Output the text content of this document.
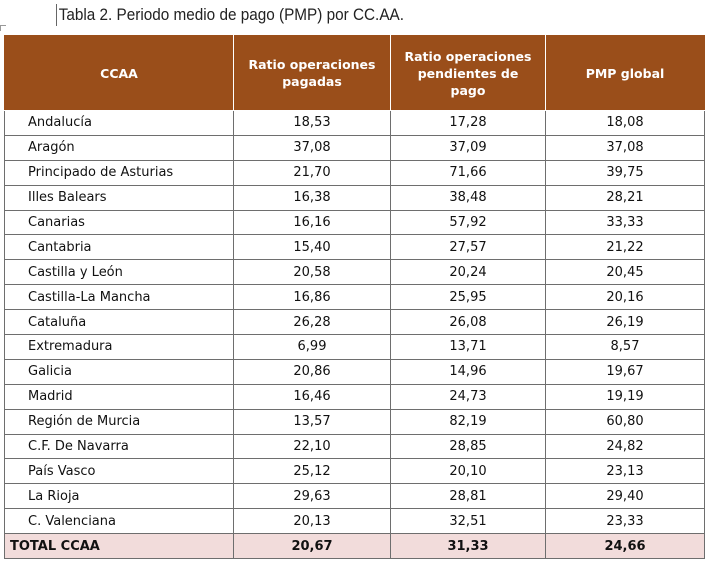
Tabla 2. Periodo medio de pago (PMP) por CC.AA.
CCAA	Ratio operaciones pagadas	Ratio operaciones pendientes de pago	PMP global
Andalucía	18,53	17,28	18,08
Aragón	37,08	37,09	37,08
Principado de Asturias	21,70	71,66	39,75
Illes Balears	16,38	38,48	28,21
Canarias	16,16	57,92	33,33
Cantabria	15,40	27,57	21,22
Castilla y León	20,58	20,24	20,45
Castilla-La Mancha	16,86	25,95	20,16
Cataluña	26,28	26,08	26,19
Extremadura	6,99	13,71	8,57
Galicia	20,86	14,96	19,67
Madrid	16,46	24,73	19,19
Región de Murcia	13,57	82,19	60,80
C.F. De Navarra	22,10	28,85	24,82
País Vasco	25,12	20,10	23,13
La Rioja	29,63	28,81	29,40
C. Valenciana	20,13	32,51	23,33
TOTAL CCAA	20,67	31,33	24,66
